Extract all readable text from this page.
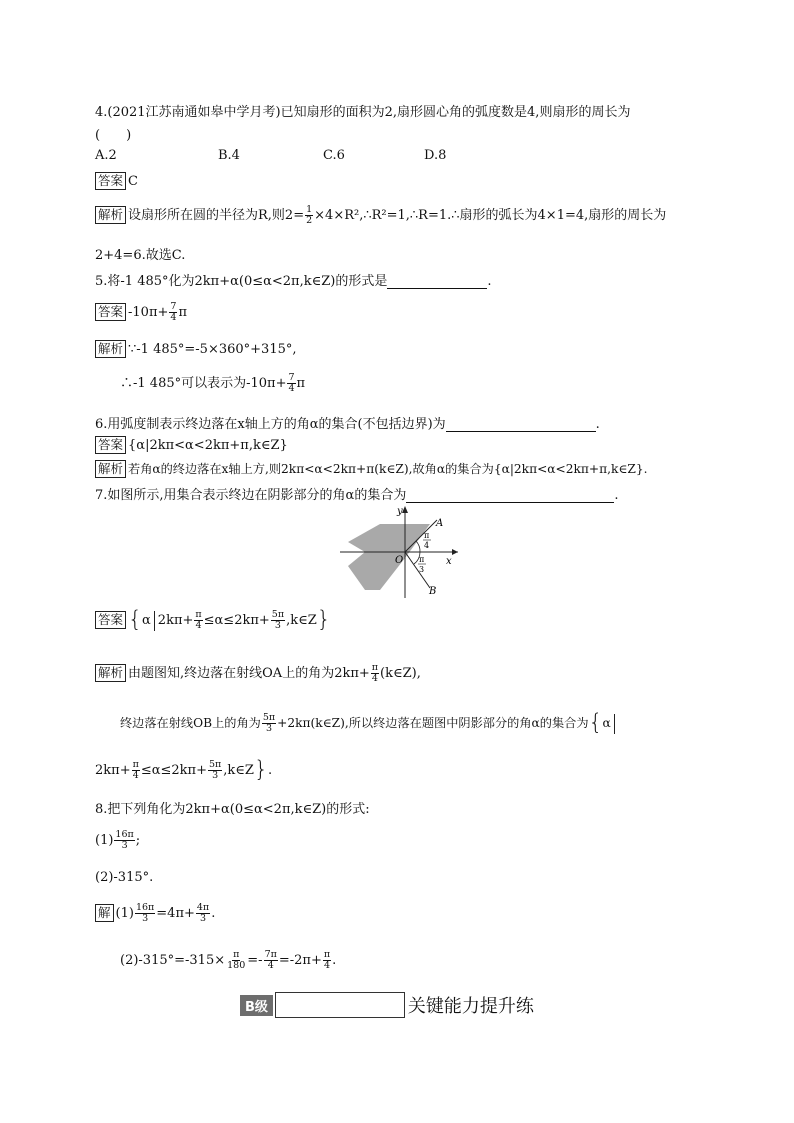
4.(2021江苏南通如皋中学月考)已知扇形的面积为2,扇形圆心角的弧度数是4,则扇形的周长为
(　　)
A.2	B.4	C.6	D.8
答案 C
解析 设扇形所在圆的半径为R,则$2= \frac{1}{2}$ ×4×R²,∴R²=1,∴R=1.∴扇形的弧长为4×1=4,扇形的周长为
2+4=6.故选C.
5.将-1 485°化为2kπ+α(0≤α<2π,k∈Z)的形式是	.
答案 $-10\pi+ \frac{7}{4}$ π
解析 ∵-1 485°=-5×360°+315°,
∴-1 485°可以表示为$-10\pi+ \frac{7}{4}$ π
6.用弧度制表示终边落在x轴上方的角α的集合(不包括边界)为	.
答案 {α|2kπ<α<2kπ+π,k∈Z}
解析 若角α的终边落在x轴上方,则2kπ<α<2kπ+π(k∈Z),故角α的集合为{α|2kπ<α<2kπ+π,k∈Z}.
7.如图所示,用集合表示终边在阴影部分的角α的集合为	.
y
x
O
A
B
π
4
π
3
答案 {α $2k\pi+ \frac{\pi}{4} \le\alpha\le 2k\pi+ \frac{5\pi}{3}$ ,k∈Z}
解析 由题图知,终边落在射线OA上的角为$2k\pi+ \frac{\pi}{4}$ (k∈Z),
终边落在射线OB上的角为 $\frac{5\pi}{3}$ +2kπ(k∈Z),所以终边落在题图中阴影部分的角α的集合为{α
$2k\pi+ \frac{\pi}{4} \le\alpha\le 2k\pi+ \frac{5\pi}{3}$ ,k∈Z}.
8.把下列角化为2kπ+α(0≤α<2π,k∈Z)的形式:
$(1) \frac{16\pi}{3}$ ;
(2)-315°.
解 $(1) \frac{16\pi}{3} =4\pi+ \frac{4\pi}{3}$ .
$(2)-315^\circ=-315\times \frac{\pi}{180} =- \frac{7\pi}{4} =-2\pi+ \frac{\pi}{4}$ .
B级	关键能力提升练
